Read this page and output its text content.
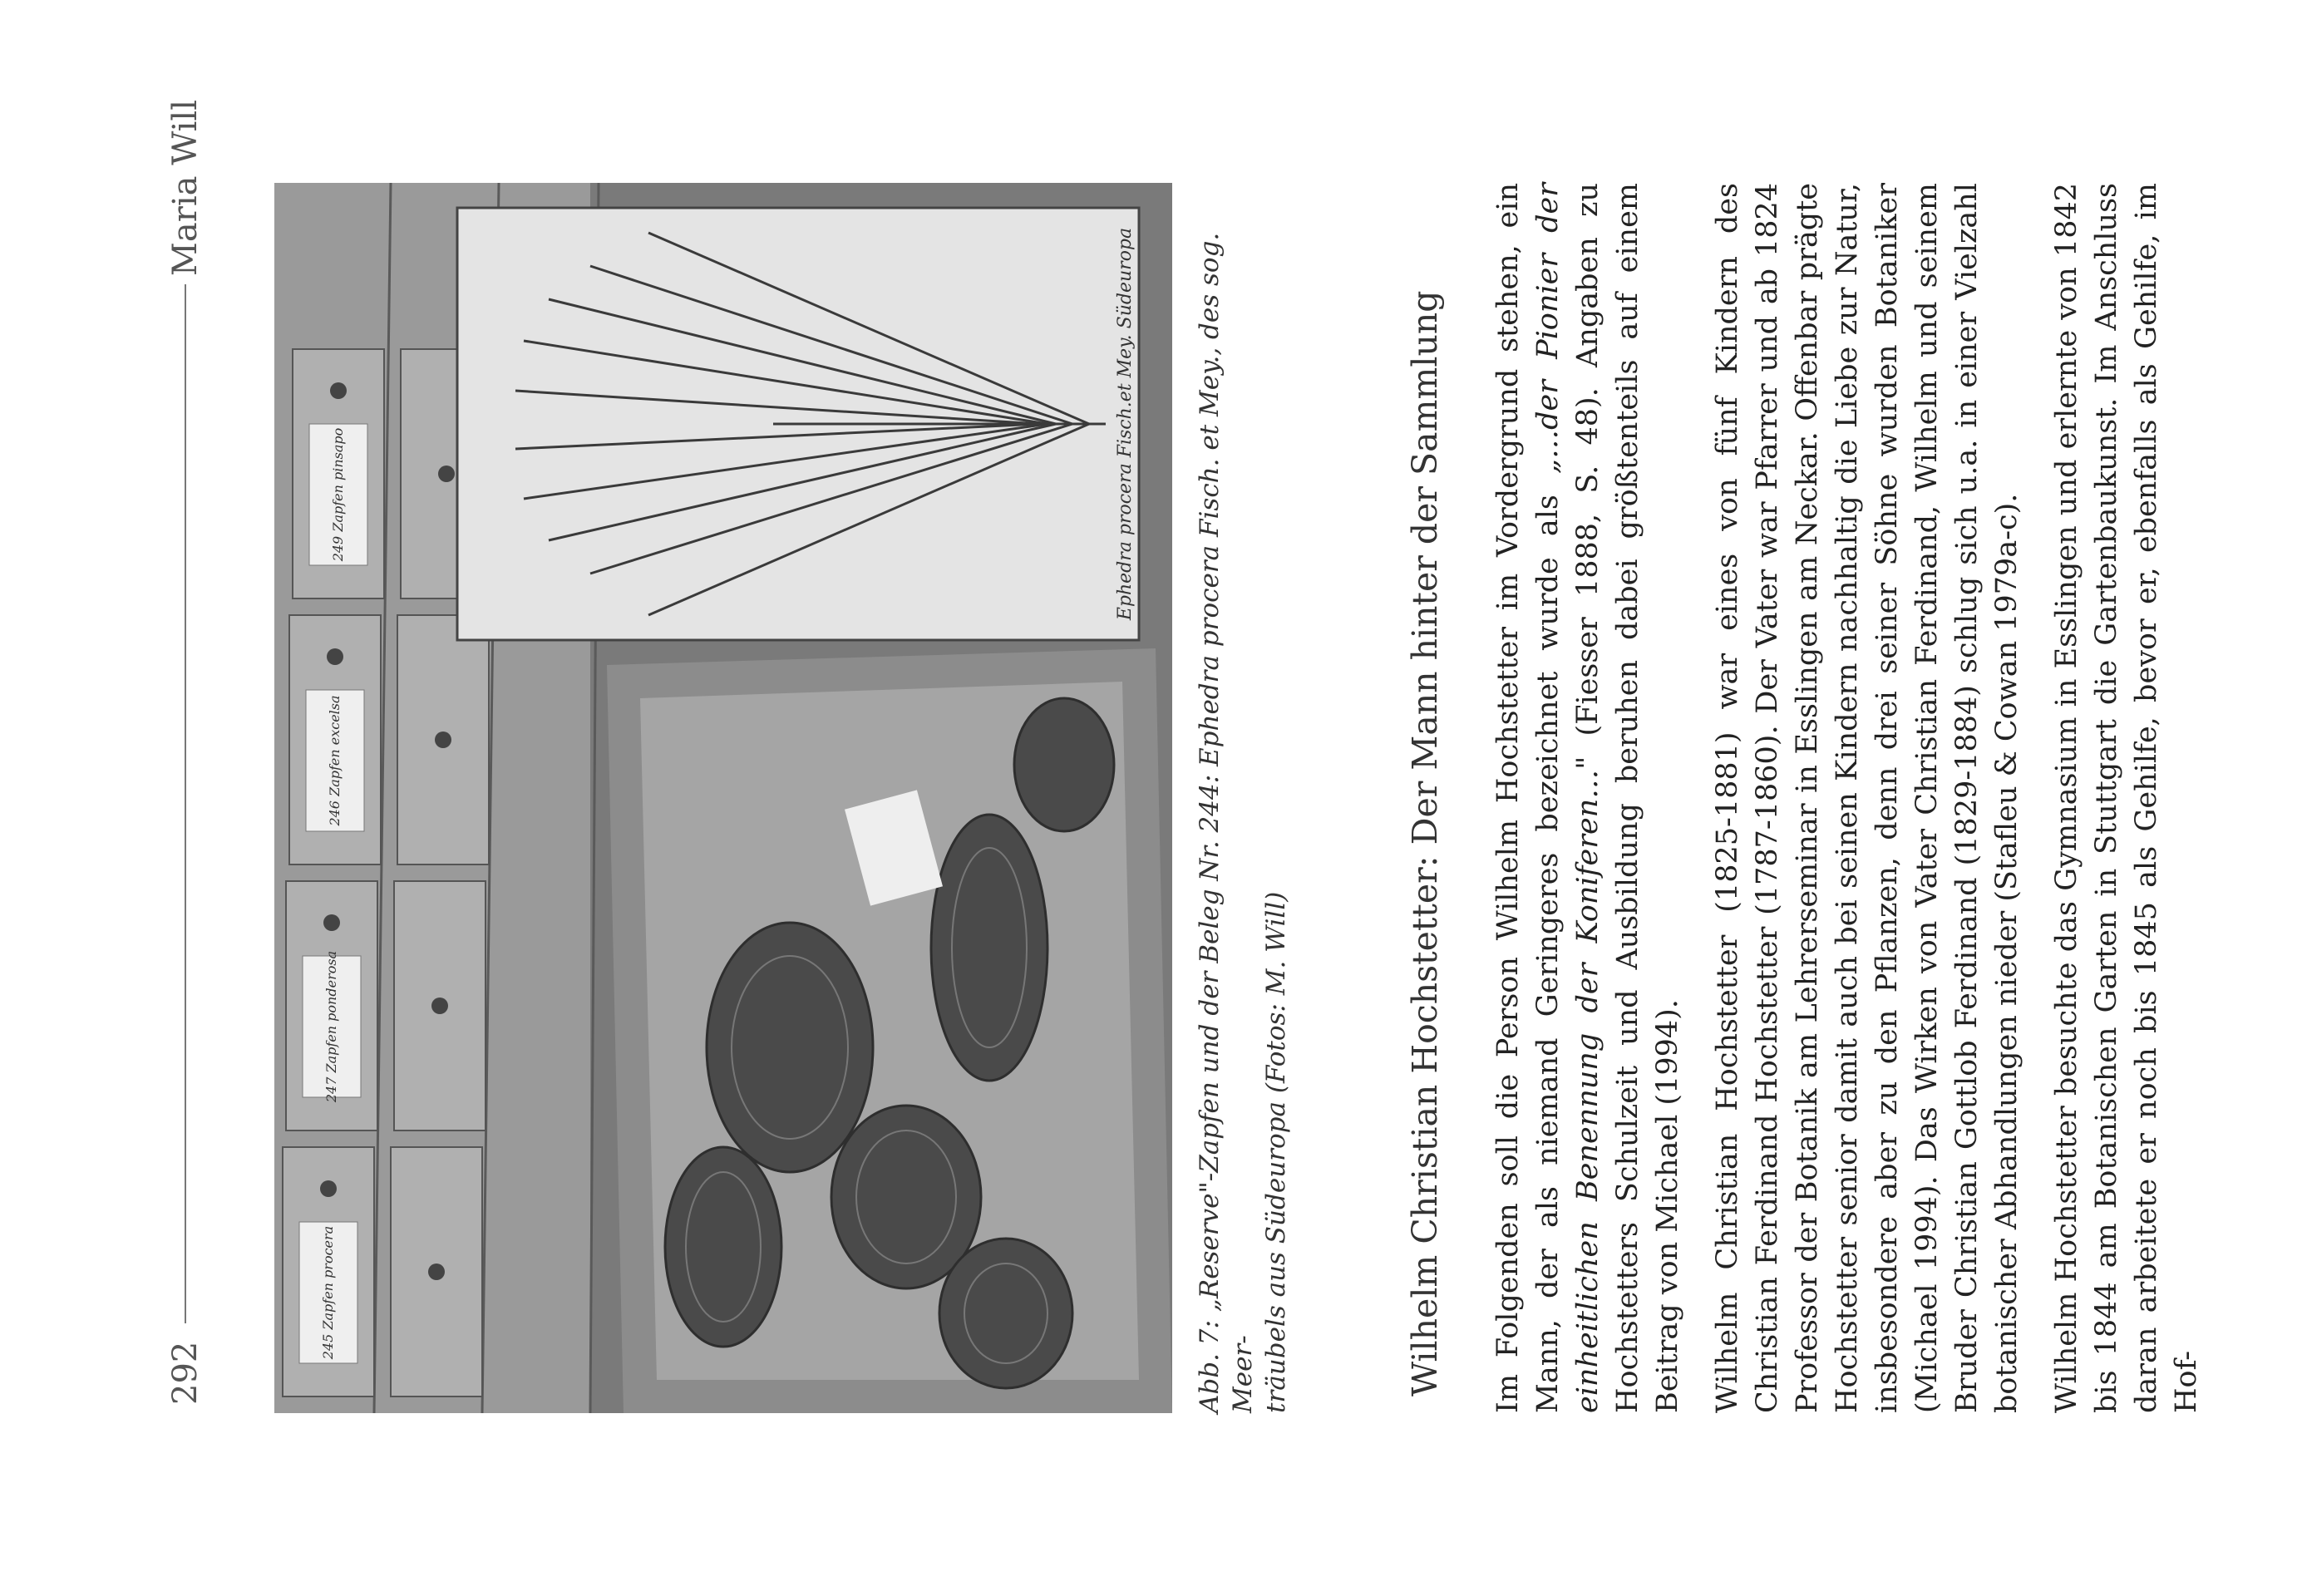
292
Maria Will
Ephedra procera Fisch.et Mey. Südeuropa
245 Zapfen procera
247 Zapfen ponderosa
246 Zapfen excelsa
249 Zapfen pinsapo	Abb. 7: „Reserve"-Zapfen und der Beleg Nr. 244: Ephedra procera Fisch. et Mey., des sog. Meer- träubels aus Südeuropa (Fotos: M. Will)	Wilhelm Christian Hochstetter: Der Mann hinter der Sammlung Im Folgenden soll die Person Wilhelm Hochstetter im Vordergrund stehen, ein Mann, der als niemand Geringeres bezeichnet wurde als „…der Pionier der einheitlichen Benennung der Koniferen…" (Fiesser 1888, S. 48). Angaben zu Hochstetters Schulzeit und Ausbildung beruhen dabei größtenteils auf einem Beitrag von Michael (1994). Wilhelm Christian Hochstetter (1825-1881) war eines von fünf Kindern des Christian Ferdinand Hochstetter (1787-1860). Der Vater war Pfarrer und ab 1824 Professor der Botanik am Lehrerseminar in Esslingen am Neckar. Offenbar prägte Hochstetter senior damit auch bei seinen Kindern nachhaltig die Liebe zur Natur, insbesondere aber zu den Pflanzen, denn drei seiner Söhne wurden Botaniker (Michael 1994). Das Wirken von Vater Christian Ferdinand, Wilhelm und seinem Bruder Christian Gottlob Ferdinand (1829-1884) schlug sich u.a. in einer Vielzahl botanischer Abhandlungen nieder (Stafleu & Cowan 1979a-c). Wilhelm Hochstetter besuchte das Gymnasium in Esslingen und erlernte von 1842 bis 1844 am Botanischen Garten in Stuttgart die Gartenbaukunst. Im Anschluss daran arbeitete er noch bis 1845 als Gehilfe, bevor er, ebenfalls als Gehilfe, im Hof-
